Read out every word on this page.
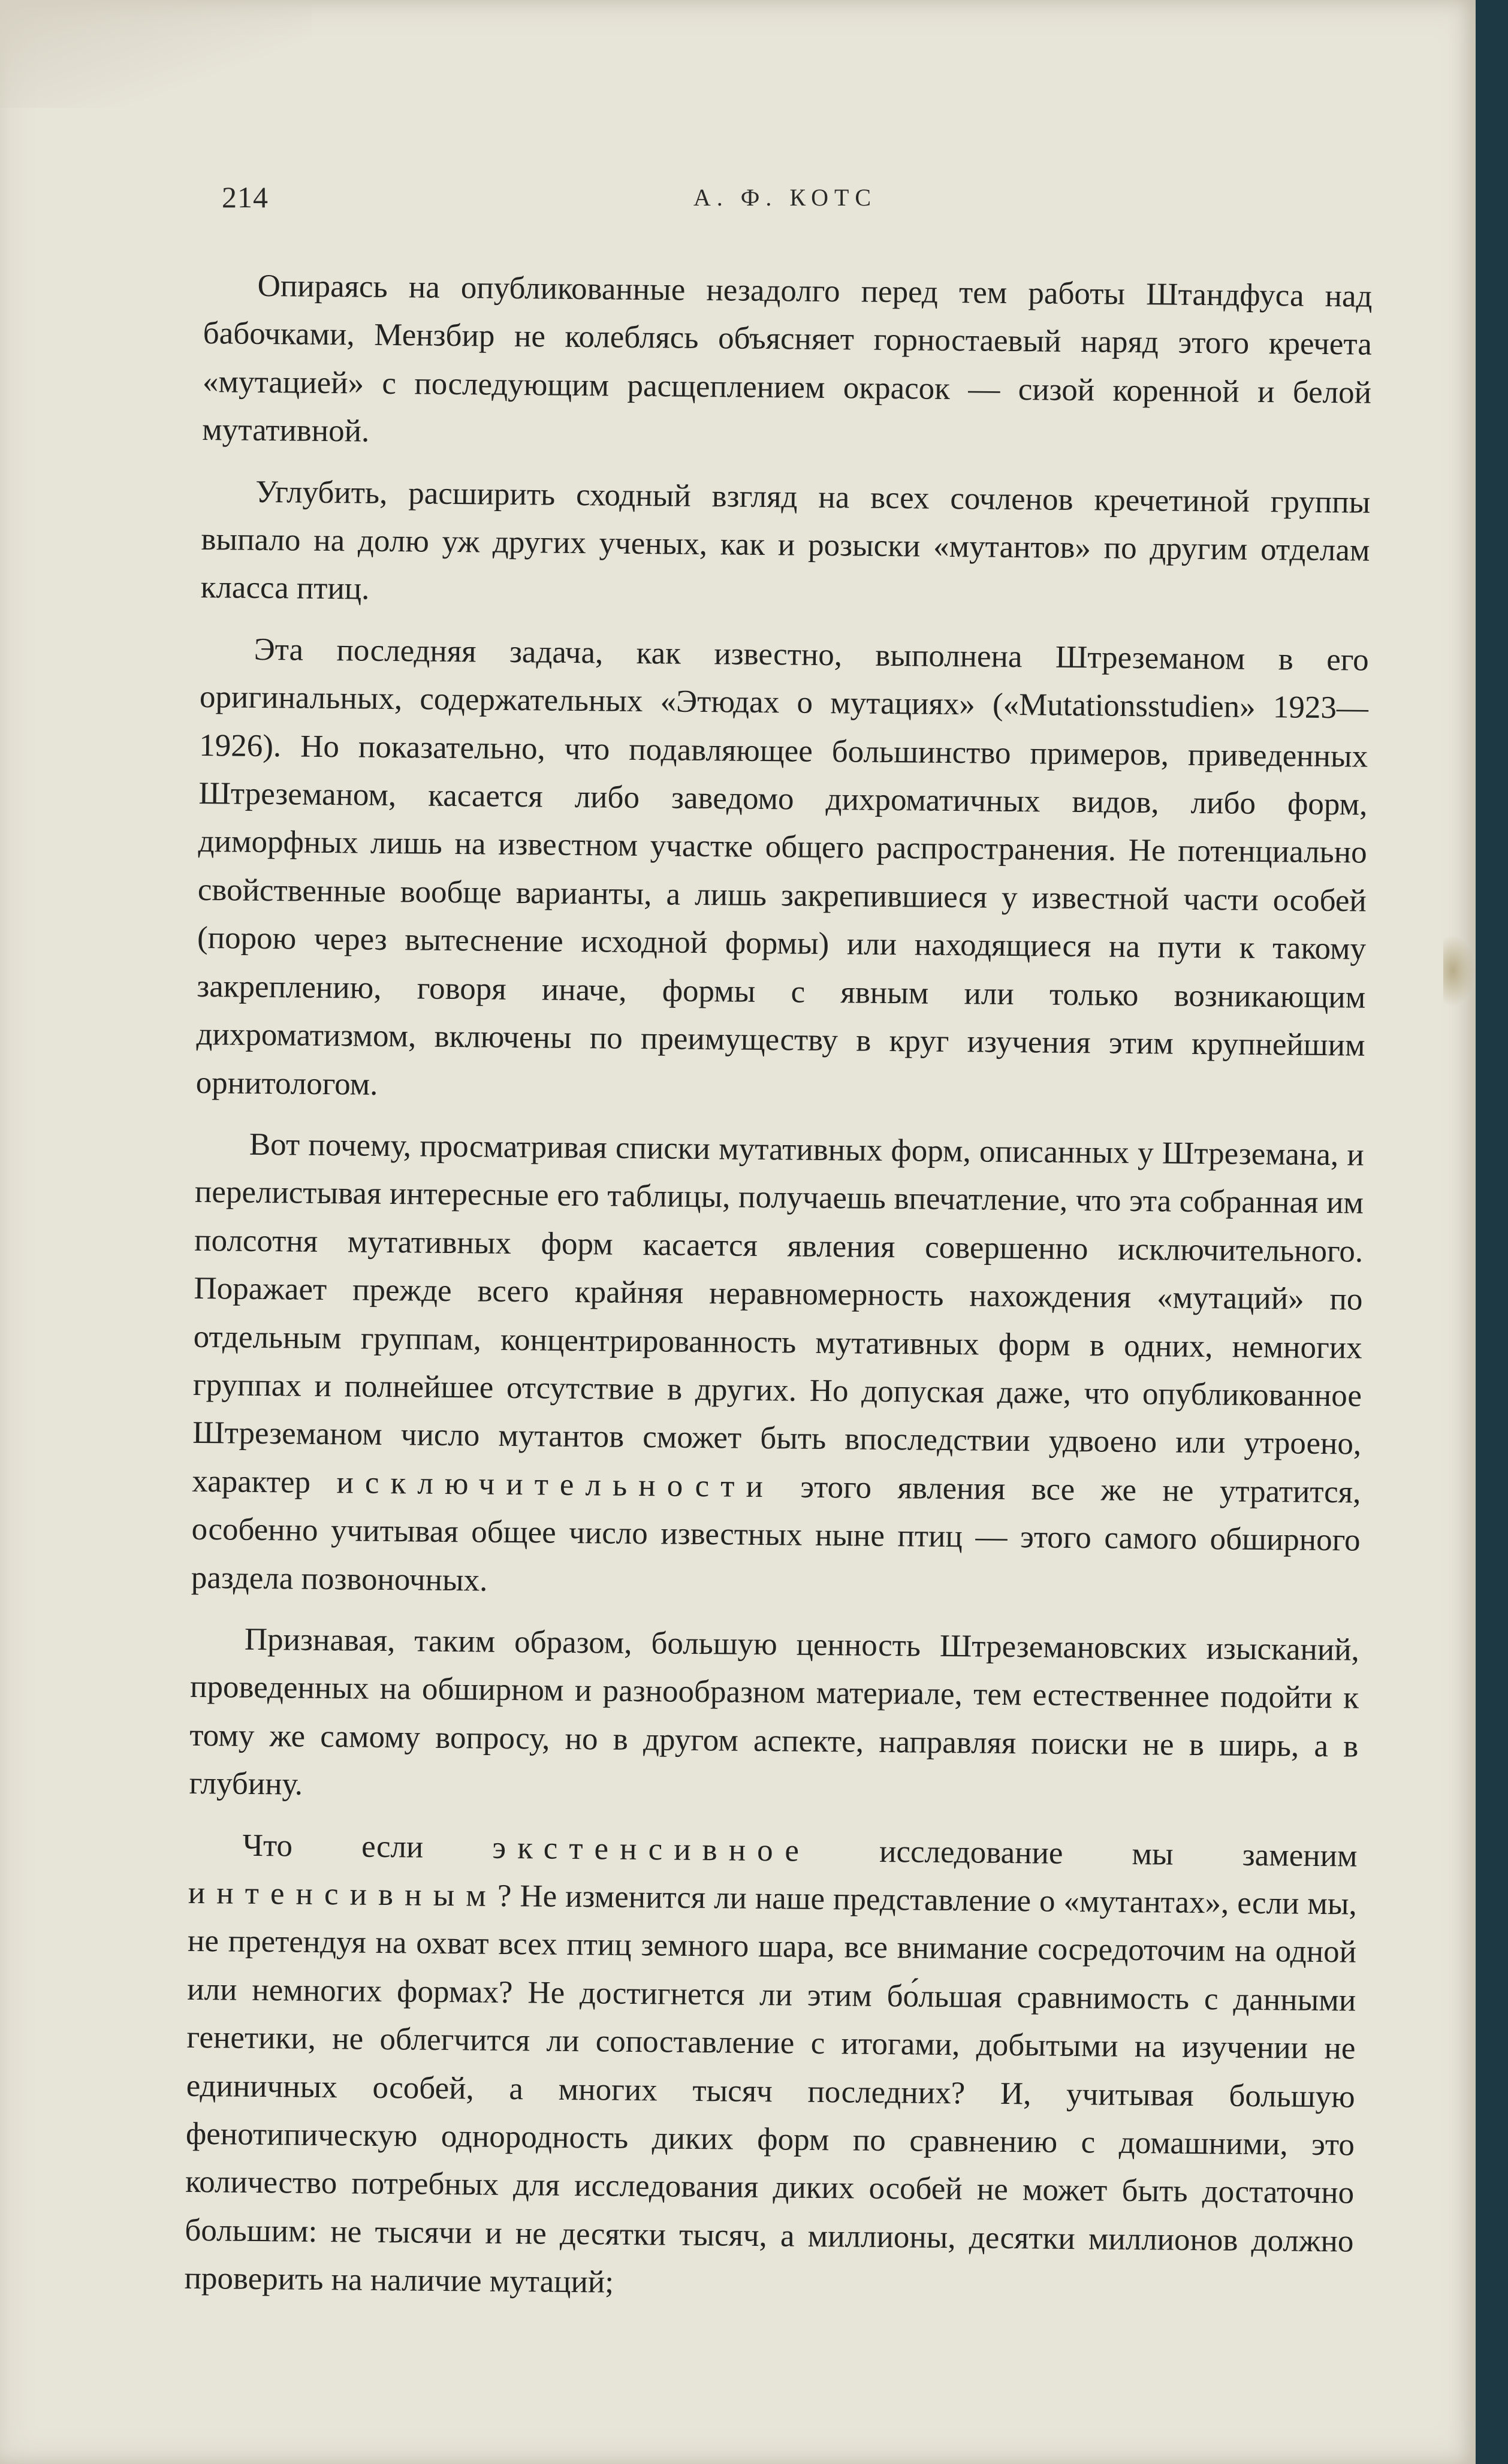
214	А. Ф. КОТС

Опираясь на опубликованные незадолго перед тем работы Штандфуса над бабочками, Мензбир не колеблясь объясняет горностаевый наряд этого кречета «мутацией» с последующим расщеплением окрасок — сизой коренной и белой мутативной.

Углубить, расширить сходный взгляд на всех сочленов кречетиной группы выпало на долю уж других ученых, как и розыски «мутантов» по другим отделам класса птиц.

Эта последняя задача, как известно, выполнена Штреземаном в его оригинальных, содержательных «Этюдах о мутациях» («Mutationsstudien» 1923—1926). Но показательно, что подавляющее большинство примеров, приведенных Штреземаном, касается либо заведомо дихроматичных видов, либо форм, диморфных лишь на известном участке общего распространения. Не потенциально свойственные вообще варианты, а лишь закрепившиеся у известной части особей (порою через вытеснение исходной формы) или находящиеся на пути к такому закреплению, говоря иначе, формы с явным или только возникающим дихроматизмом, включены по преимуществу в круг изучения этим крупнейшим орнитологом.

Вот почему, просматривая списки мутативных форм, описанных у Штреземана, и перелистывая интересные его таблицы, получаешь впечатление, что эта собранная им полсотня мутативных форм касается явления совершенно исключительного. Поражает прежде всего крайняя неравномерность нахождения «мутаций» по отдельным группам, концентрированность мутативных форм в одних, немногих группах и полнейшее отсутствие в других. Но допуская даже, что опубликованное Штреземаном число мутантов сможет быть впоследствии удвоено или утроено, характер исключительности этого явления все же не утратится, особенно учитывая общее число известных ныне птиц — этого самого обширного раздела позвоночных.

Признавая, таким образом, большую ценность Штреземановских изысканий, проведенных на обширном и разнообразном материале, тем естественнее подойти к тому же самому вопросу, но в другом аспекте, направляя поиски не в ширь, а в глубину.

Что если экстенсивное исследование мы заменим интенсивным? Не изменится ли наше представление о «мутантах», если мы, не претендуя на охват всех птиц земного шара, все внимание сосредоточим на одной или немногих формах? Не достигнется ли этим бо́льшая сравнимость с данными генетики, не облегчится ли сопоставление с итогами, добытыми на изучении не единичных особей, а многих тысяч последних? И, учитывая большую фенотипическую однородность диких форм по сравнению с домашними, это количество потребных для исследования диких особей не может быть достаточно большим: не тысячи и не десятки тысяч, а миллионы, десятки миллионов должно проверить на наличие мутаций;
